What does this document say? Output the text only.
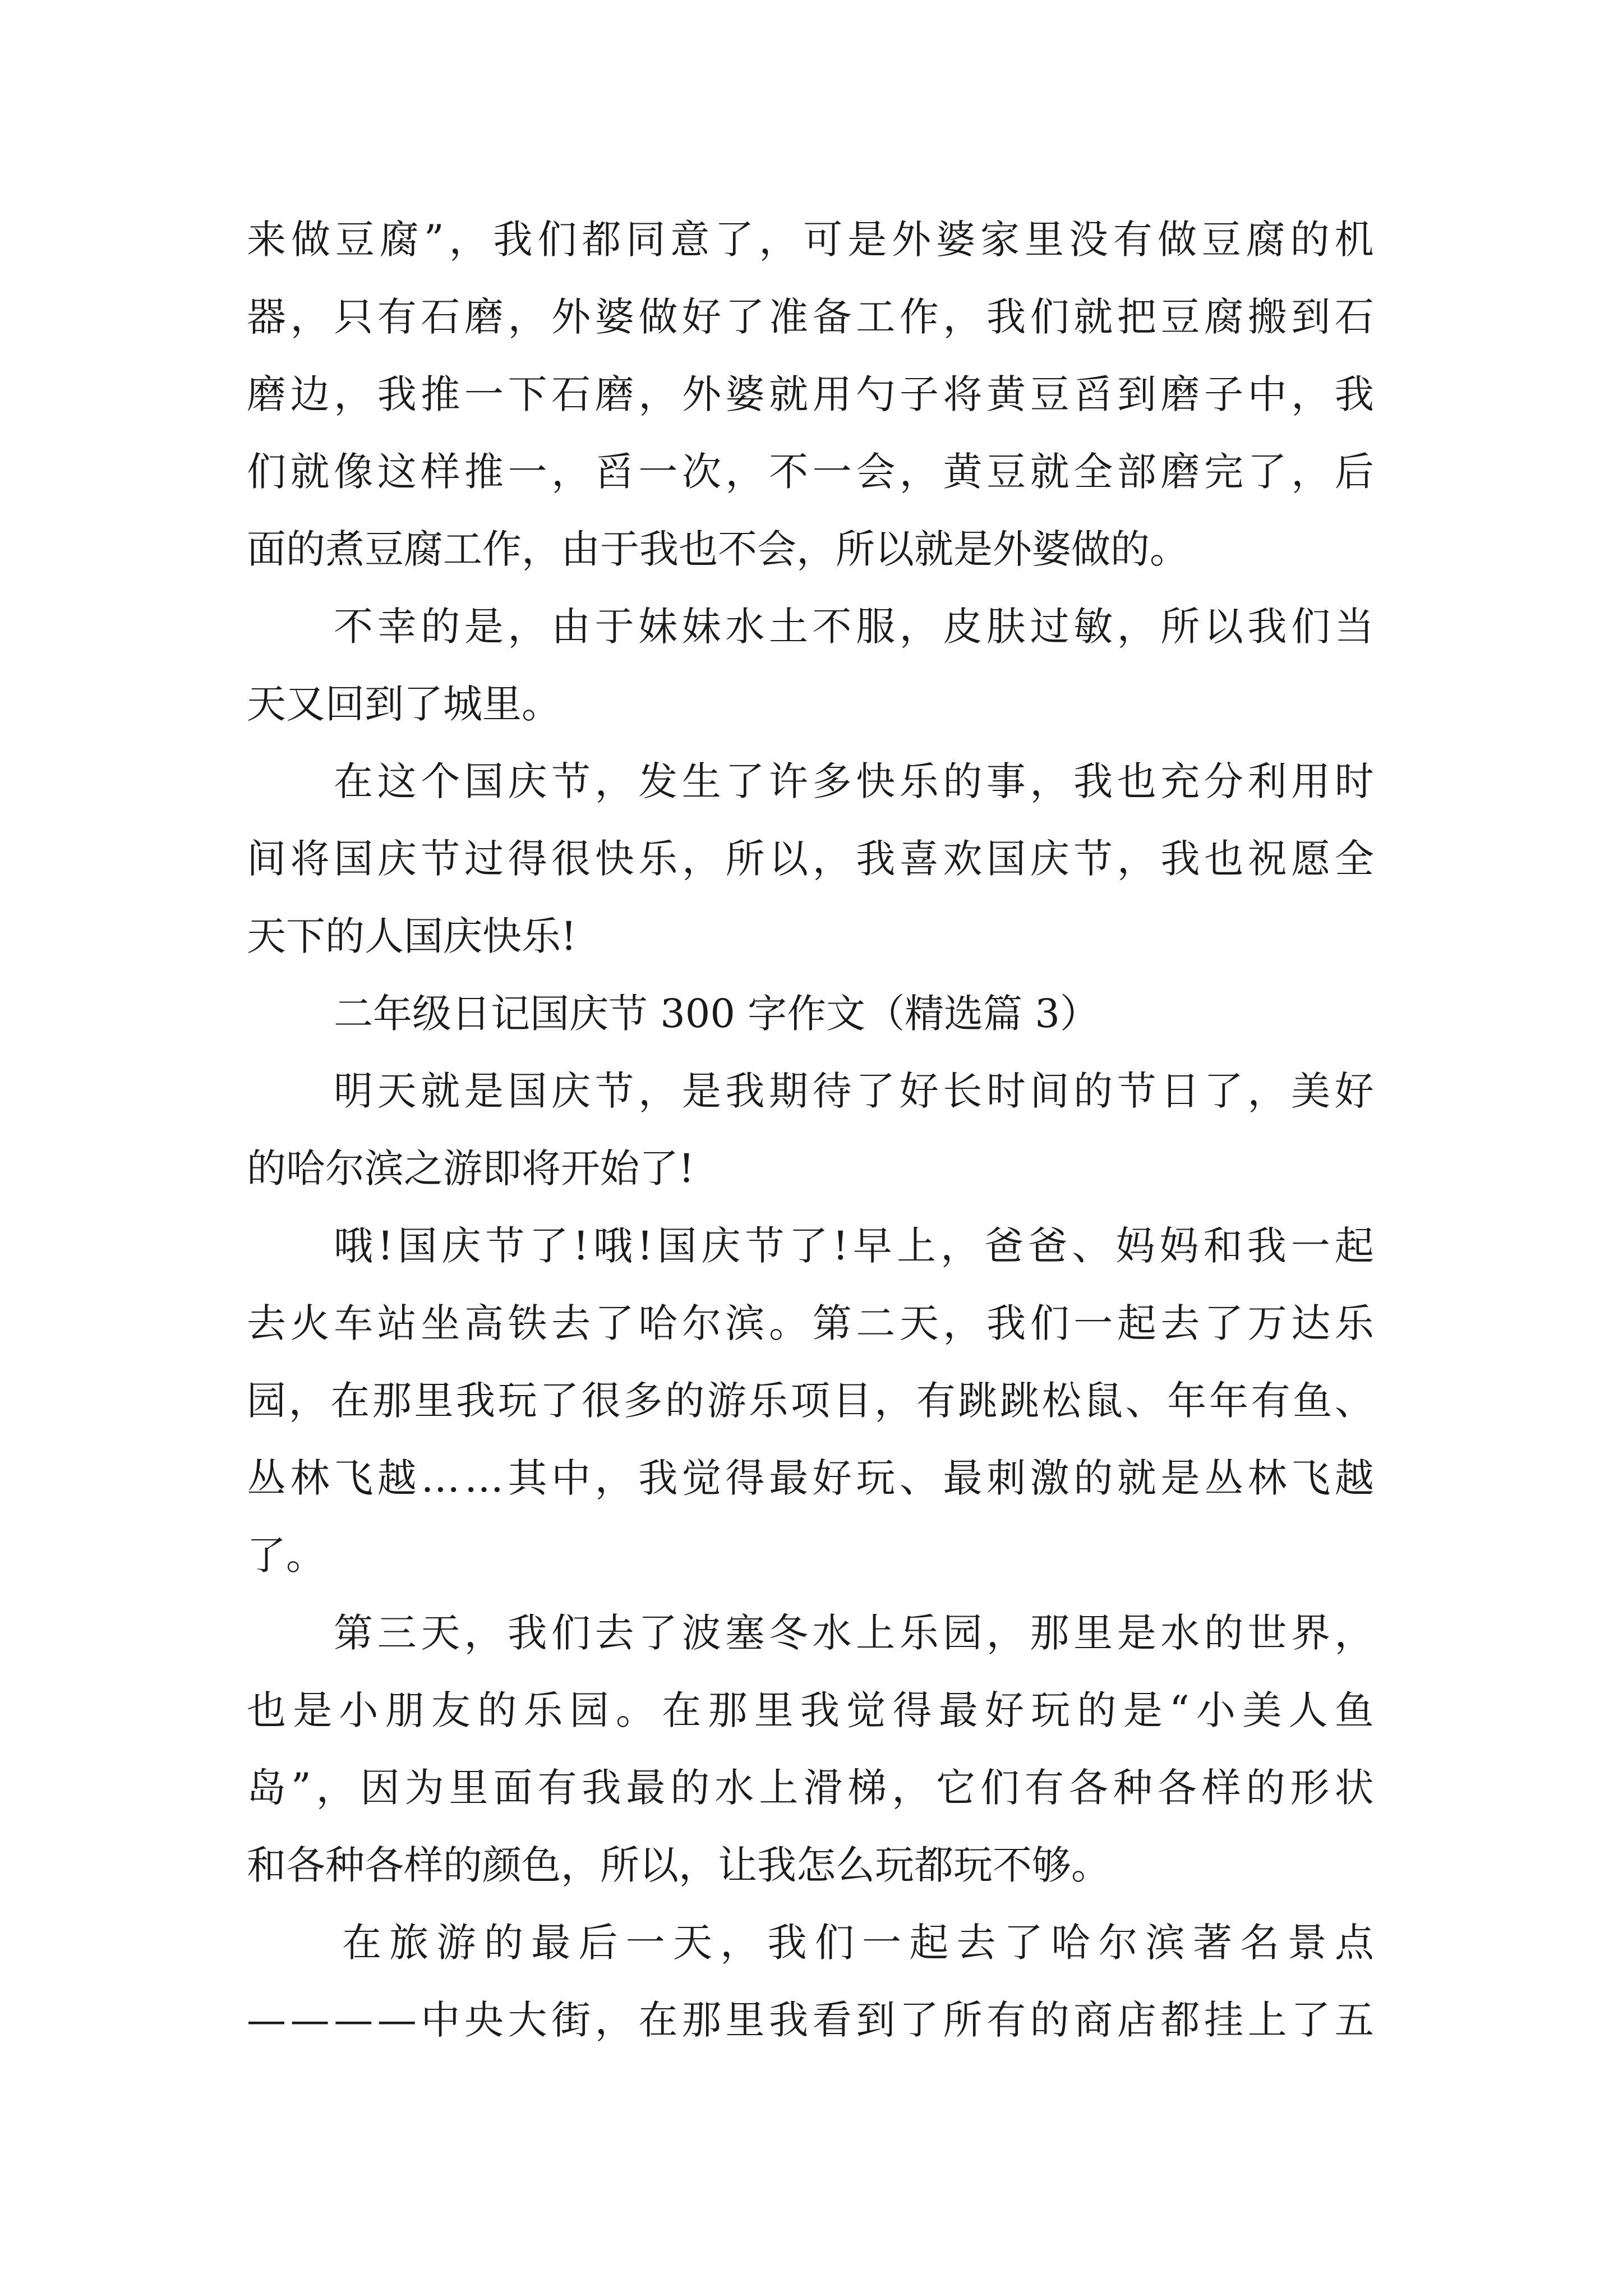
来 做 豆 腐 ” ， 我 们 都 同 意 了 ， 可 是 外 婆 家 里 没 有 做 豆 腐 的 机
器 ， 只 有 石 磨 ， 外 婆 做 好 了 准 备 工 作 ， 我 们 就 把 豆 腐 搬 到 石
磨 边 ， 我 推 一 下 石 磨 ， 外 婆 就 用 勺 子 将 黄 豆 舀 到 磨 子 中 ， 我
们 就 像 这 样 推 一 ， 舀 一 次 ， 不 一 会 ， 黄 豆 就 全 部 磨 完 了 ， 后
面的煮豆腐工作，由于我也不会，所以就是外婆做的。
不 幸 的 是 ， 由 于 妹 妹 水 土 不 服 ， 皮 肤 过 敏 ， 所 以 我 们 当
天又回到了城里。
在 这 个 国 庆 节 ， 发 生 了 许 多 快 乐 的 事 ， 我 也 充 分 利 用 时
间 将 国 庆 节 过 得 很 快 乐 ， 所 以 ， 我 喜 欢 国 庆 节 ， 我 也 祝 愿 全
天下的人国庆快乐!
二年级日记国庆节 300 字作文（精选篇 3）
明 天 就 是 国 庆 节 ， 是 我 期 待 了 好 长 时 间 的 节 日 了 ， 美 好
的哈尔滨之游即将开始了!
哦 ! 国 庆 节 了 ! 哦 ! 国 庆 节 了 ! 早 上 ， 爸 爸 、 妈 妈 和 我 一 起
去 火 车 站 坐 高 铁 去 了 哈 尔 滨 。 第 二 天 ， 我 们 一 起 去 了 万 达 乐
园 ， 在 那 里 我 玩 了 很 多 的 游 乐 项 目 ， 有 跳 跳 松 鼠 、 年 年 有 鱼 、
丛 林 飞 越 … … 其 中 ， 我 觉 得 最 好 玩 、 最 刺 激 的 就 是 丛 林 飞 越
了。
第 三 天 ， 我 们 去 了 波 塞 冬 水 上 乐 园 ， 那 里 是 水 的 世 界 ，
也 是 小 朋 友 的 乐 园 。 在 那 里 我 觉 得 最 好 玩 的 是 “ 小 美 人 鱼
岛 ” ， 因 为 里 面 有 我 最 的 水 上 滑 梯 ， 它 们 有 各 种 各 样 的 形 状
和各种各样的颜色，所以，让我怎么玩都玩不够。
在 旅 游 的 最 后 一 天 ， 我 们 一 起 去 了 哈 尔 滨 著 名 景 点
— — — — 中 央 大 街 ， 在 那 里 我 看 到 了 所 有 的 商 店 都 挂 上 了 五
